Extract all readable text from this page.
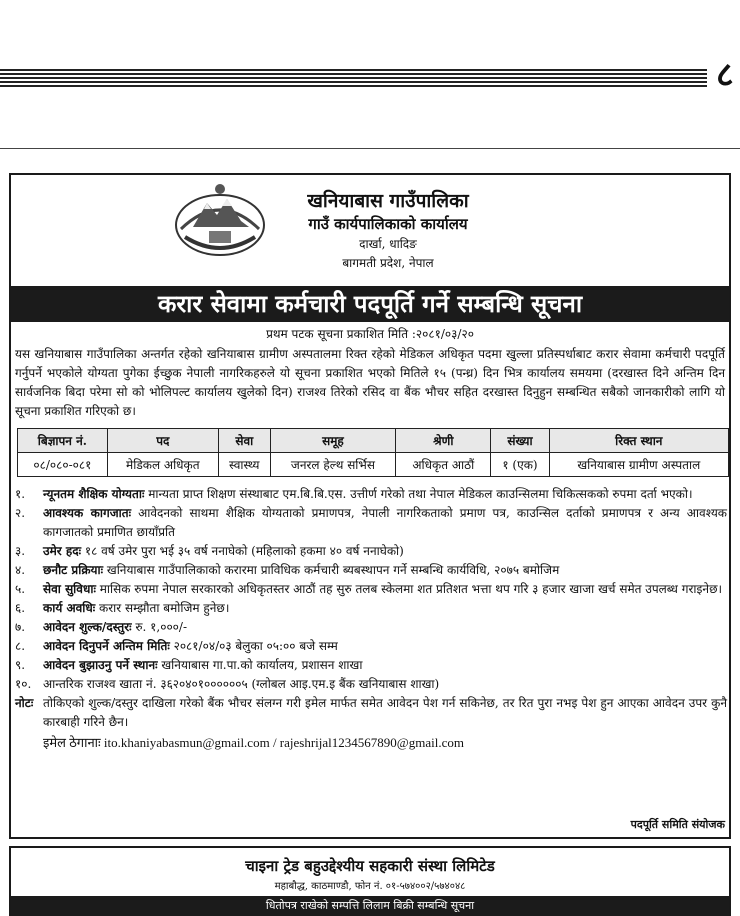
८
खनियाबास गाउँपालिका
गाउँ कार्यपालिकाको कार्यालय
दार्खा, धादिङ
बागमती प्रदेश, नेपाल
करार सेवामा कर्मचारी पदपूर्ति गर्ने सम्बन्धि सूचना
प्रथम पटक सूचना प्रकाशित मिति :२०८१/०३/२०
यस खनियाबास गाउँपालिका अन्तर्गत रहेको खनियाबास ग्रामीण अस्पतालमा रिक्त रहेको मेडिकल अधिकृत पदमा खुल्ला प्रतिस्पर्धाबाट करार सेवामा कर्मचारी पदपूर्ति गर्नुपर्ने भएकोले योग्यता पुगेका ईच्छुक नेपाली नागरिकहरुले यो सूचना प्रकाशित भएको मितिले १५ (पन्ध्र) दिन भित्र कार्यालय समयमा (दरखास्त दिने अन्तिम दिन सार्वजनिक बिदा परेमा सो को भोलिपल्ट कार्यालय खुलेको दिन) राजश्व तिरेको रसिद वा बैंक भौचर सहित दरखास्त दिनुहुन सम्बन्धित सबैको जानकारीको लागि यो सूचना प्रकाशित गरिएको छ।
बिज्ञापन नं.	पद	सेवा	समूह	श्रेणी	संख्या	रिक्त स्थान
०८/०८०-०८१	मेडिकल अधिकृत	स्वास्थ्य	जनरल हेल्थ सर्भिस	अधिकृत आठौं	१ (एक)	खनियाबास ग्रामीण अस्पताल
१.	न्यूनतम शैक्षिक योग्यताः मान्यता प्राप्त शिक्षण संस्थाबाट एम.बि.बि.एस. उत्तीर्ण गरेको तथा नेपाल मेडिकल काउन्सिलमा चिकित्सकको रुपमा दर्ता भएको।
२.	आवश्यक कागजातः आवेदनको साथमा शैक्षिक योग्यताको प्रमाणपत्र, नेपाली नागरिकताको प्रमाण पत्र, काउन्सिल दर्ताको प्रमाणपत्र र अन्य आवश्यक कागजातको प्रमाणित छायाँप्रति
३.	उमेर हदः १८ वर्ष उमेर पुरा भई ३५ वर्ष ननाघेको (महिलाको हकमा ४० वर्ष ननाघेको)
४.	छनौट प्रक्रियाः खनियाबास गाउँपालिकाको करारमा प्राविधिक कर्मचारी ब्यबस्थापन गर्ने सम्बन्धि कार्यविधि, २०७५ बमोजिम
५.	सेवा सुविधाः मासिक रुपमा नेपाल सरकारको अधिकृतस्तर आठौं तह सुरु तलब स्केलमा शत प्रतिशत भत्ता थप गरि ३ हजार खाजा खर्च समेत उपलब्ध गराइनेछ।
६.	कार्य अवधिः करार सम्झौता बमोजिम हुनेछ।
७.	आवेदन शुल्क/दस्तुरः रु. १,०००/-
८.	आवेदन दिनुपर्ने अन्तिम मितिः २०८१/०४/०३ बेलुका ०५:०० बजे सम्म
९.	आवेदन बुझाउनु पर्ने स्थानः खनियाबास गा.पा.को कार्यालय, प्रशासन शाखा
१०. आन्तरिक राजश्व खाता नं. ३६२०४०१००००००५ (ग्लोबल आइ.एम.इ बैंक खनियाबास शाखा)
नोटः तोकिएको शुल्क/दस्तुर दाखिला गरेको बैंक भौचर संलग्न गरी इमेल मार्फत समेत आवेदन पेश गर्न सकिनेछ, तर रित पुरा नभइ पेश हुन आएका आवेदन उपर कुनै कारबाही गरिने छैन।
इमेल ठेगानाः ito.khaniyabasmun@gmail.com / rajeshrijal1234567890@gmail.com
पदपूर्ति समिति संयोजक
चाइना ट्रेड बहुउद्देश्यीय सहकारी संस्था लिमिटेड
महाबौद्ध, काठमाण्डौ, फोन नं. ०१-५७४००२/५७४०४८
धितोपत्र राखेको सम्पत्ति लिलाम बिक्री सम्बन्धि सूचना
